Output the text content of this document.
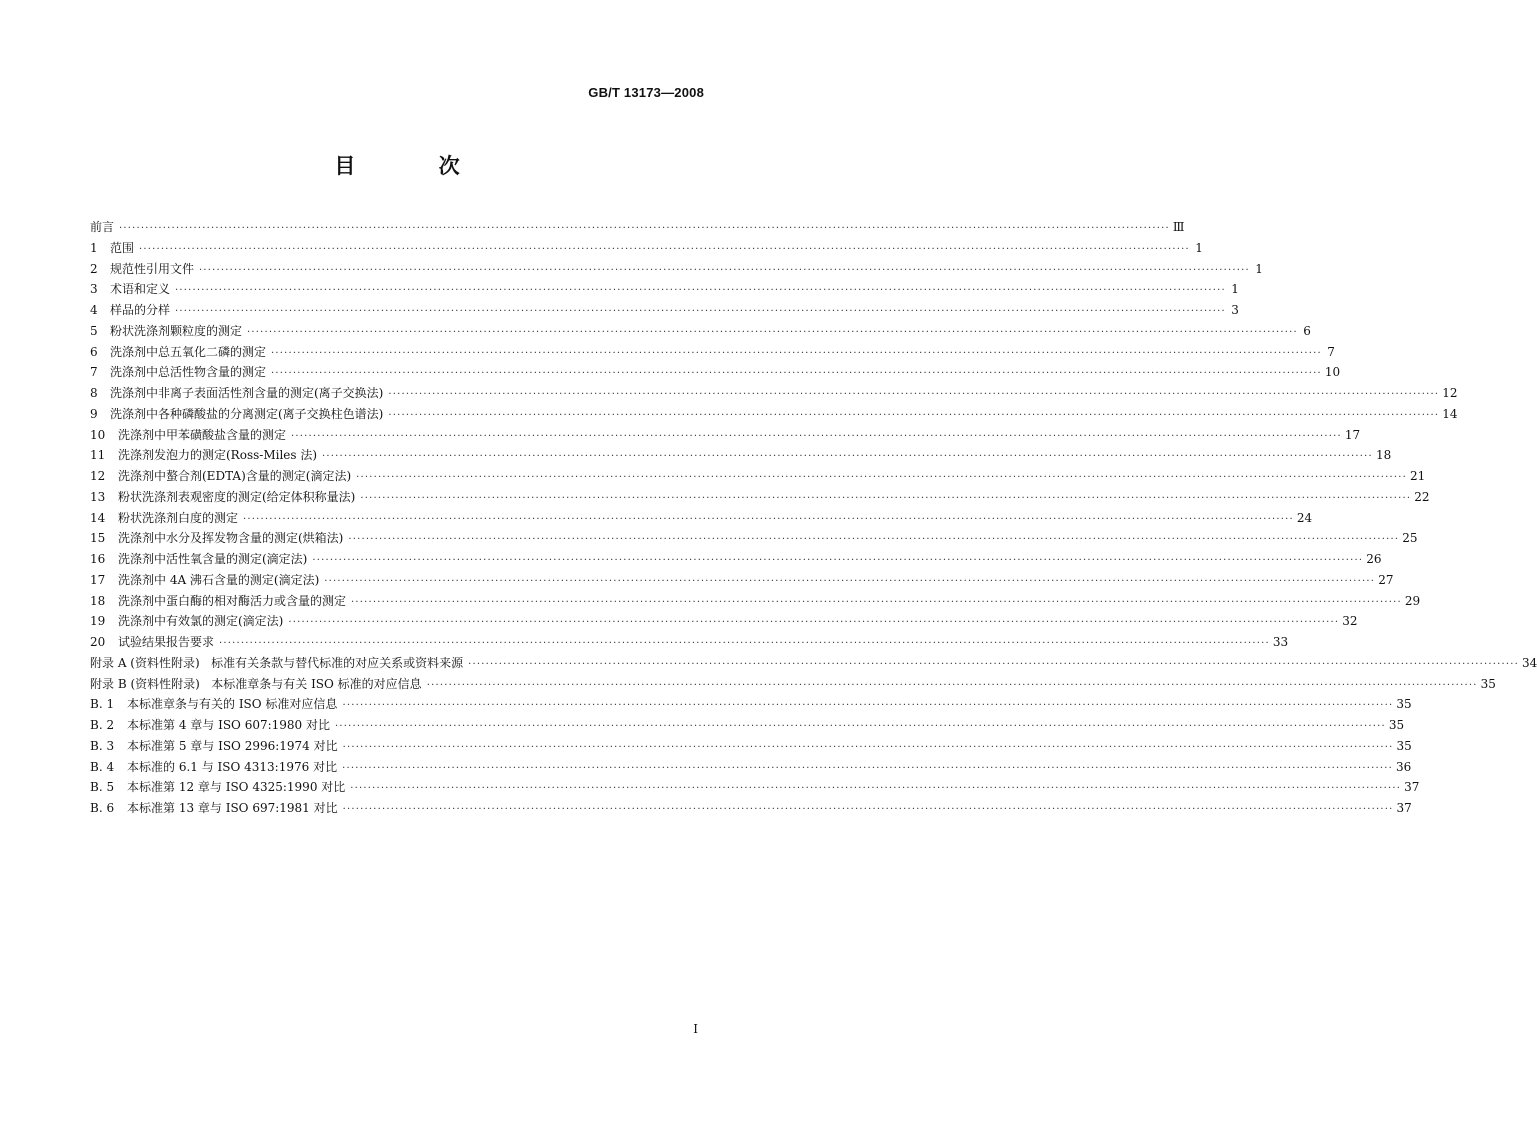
GB/T 13173—2008
目 次
前言 ················································································································································································································································ Ⅲ
1	范围 ················································································································································································································································ 1
2	规范性引用文件 ················································································································································································································································ 1
3	术语和定义 ················································································································································································································································ 1
4	样品的分样 ················································································································································································································································ 3
5	粉状洗涤剂颗粒度的测定 ················································································································································································································································ 6
6	洗涤剂中总五氧化二磷的测定 ················································································································································································································································ 7
7	洗涤剂中总活性物含量的测定 ················································································································································································································································ 10
8	洗涤剂中非离子表面活性剂含量的测定(离子交换法) ················································································································································································································································ 12
9	洗涤剂中各种磷酸盐的分离测定(离子交换柱色谱法) ················································································································································································································································ 14
10	洗涤剂中甲苯磺酸盐含量的测定 ················································································································································································································································ 17
11	洗涤剂发泡力的测定(Ross-Miles 法) ················································································································································································································································ 18
12	洗涤剂中螯合剂(EDTA)含量的测定(滴定法) ················································································································································································································································ 21
13	粉状洗涤剂表观密度的测定(给定体积称量法) ················································································································································································································································ 22
14	粉状洗涤剂白度的测定 ················································································································································································································································ 24
15	洗涤剂中水分及挥发物含量的测定(烘箱法) ················································································································································································································································ 25
16	洗涤剂中活性氧含量的测定(滴定法) ················································································································································································································································ 26
17	洗涤剂中 4A 沸石含量的测定(滴定法) ················································································································································································································································ 27
18	洗涤剂中蛋白酶的相对酶活力或含量的测定 ················································································································································································································································ 29
19	洗涤剂中有效氯的测定(滴定法) ················································································································································································································································ 32
20	试验结果报告要求 ················································································································································································································································ 33
附录 A (资料性附录)   标准有关条款与替代标准的对应关系或资料来源 ················································································································································································································································ 34
附录 B (资料性附录)   本标准章条与有关 ISO 标准的对应信息 ················································································································································································································································ 35
B. 1	本标准章条与有关的 ISO 标准对应信息 ················································································································································································································································ 35
B. 2	本标准第 4 章与 ISO 607:1980 对比 ················································································································································································································································ 35
B. 3	本标准第 5 章与 ISO 2996:1974 对比 ················································································································································································································································ 35
B. 4	本标准的 6.1 与 ISO 4313:1976 对比 ················································································································································································································································ 36
B. 5	本标准第 12 章与 ISO 4325:1990 对比 ················································································································································································································································ 37
B. 6	本标准第 13 章与 ISO 697:1981 对比 ················································································································································································································································ 37
I
